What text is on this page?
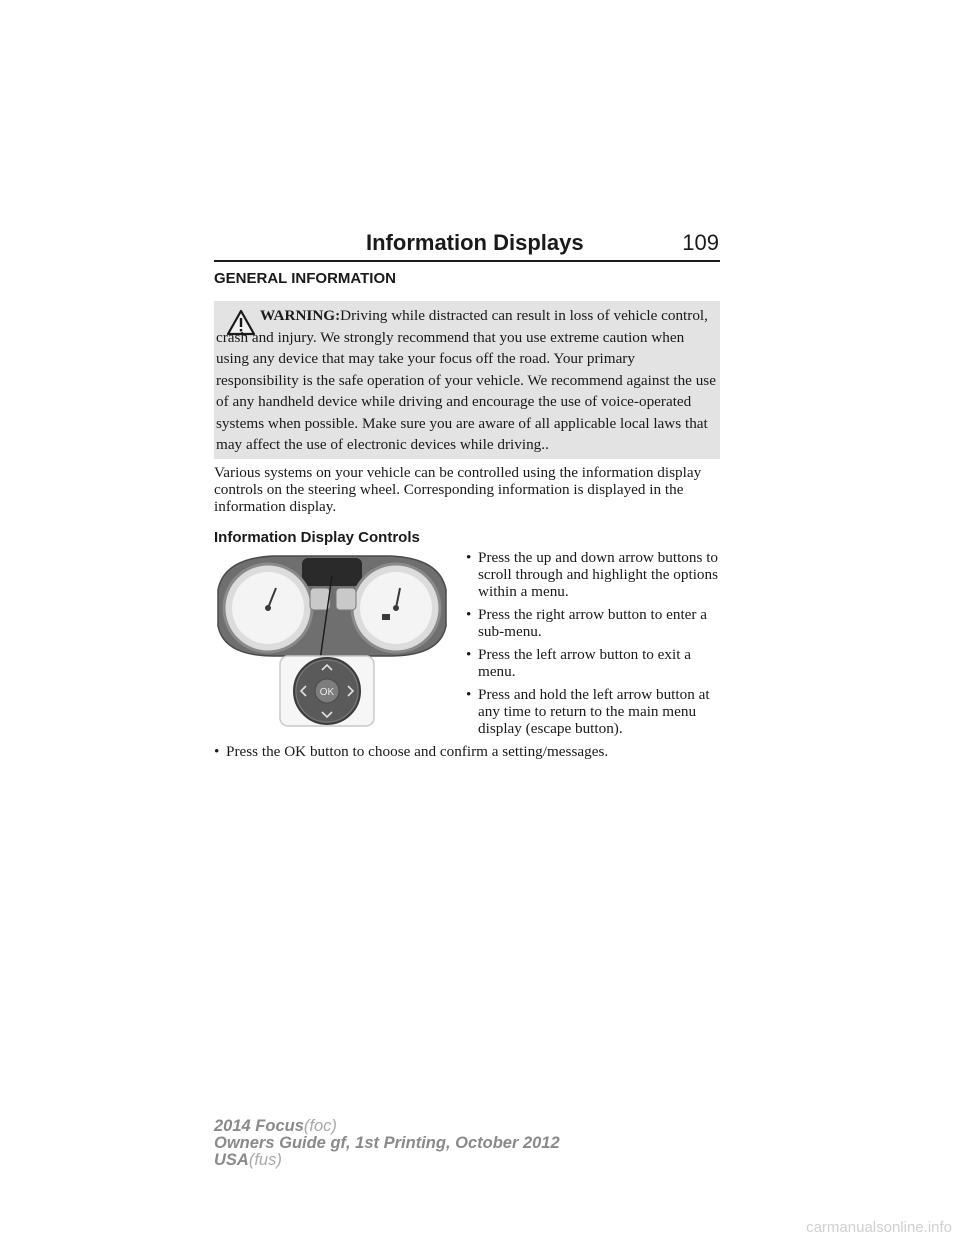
Information Displays	109
GENERAL INFORMATION
WARNING:Driving while distracted can result in loss of vehicle control, crash and injury. We strongly recommend that you use extreme caution when using any device that may take your focus off the road. Your primary responsibility is the safe operation of your vehicle. We recommend against the use of any handheld device while driving and encourage the use of voice-operated systems when possible. Make sure you are aware of all applicable local laws that may affect the use of electronic devices while driving..
Various systems on your vehicle can be controlled using the information display controls on the steering wheel. Corresponding information is displayed in the information display.
Information Display Controls
OK
• Press the up and down arrow buttons to scroll through and highlight the options within a menu.
• Press the right arrow button to enter a sub-menu.
• Press the left arrow button to exit a menu.
• Press and hold the left arrow button at any time to return to the main menu display (escape button).
• Press the OK button to choose and confirm a setting/messages.
2014 Focus(foc)
Owners Guide gf, 1st Printing, October 2012
USA(fus)
carmanualsonline.info
